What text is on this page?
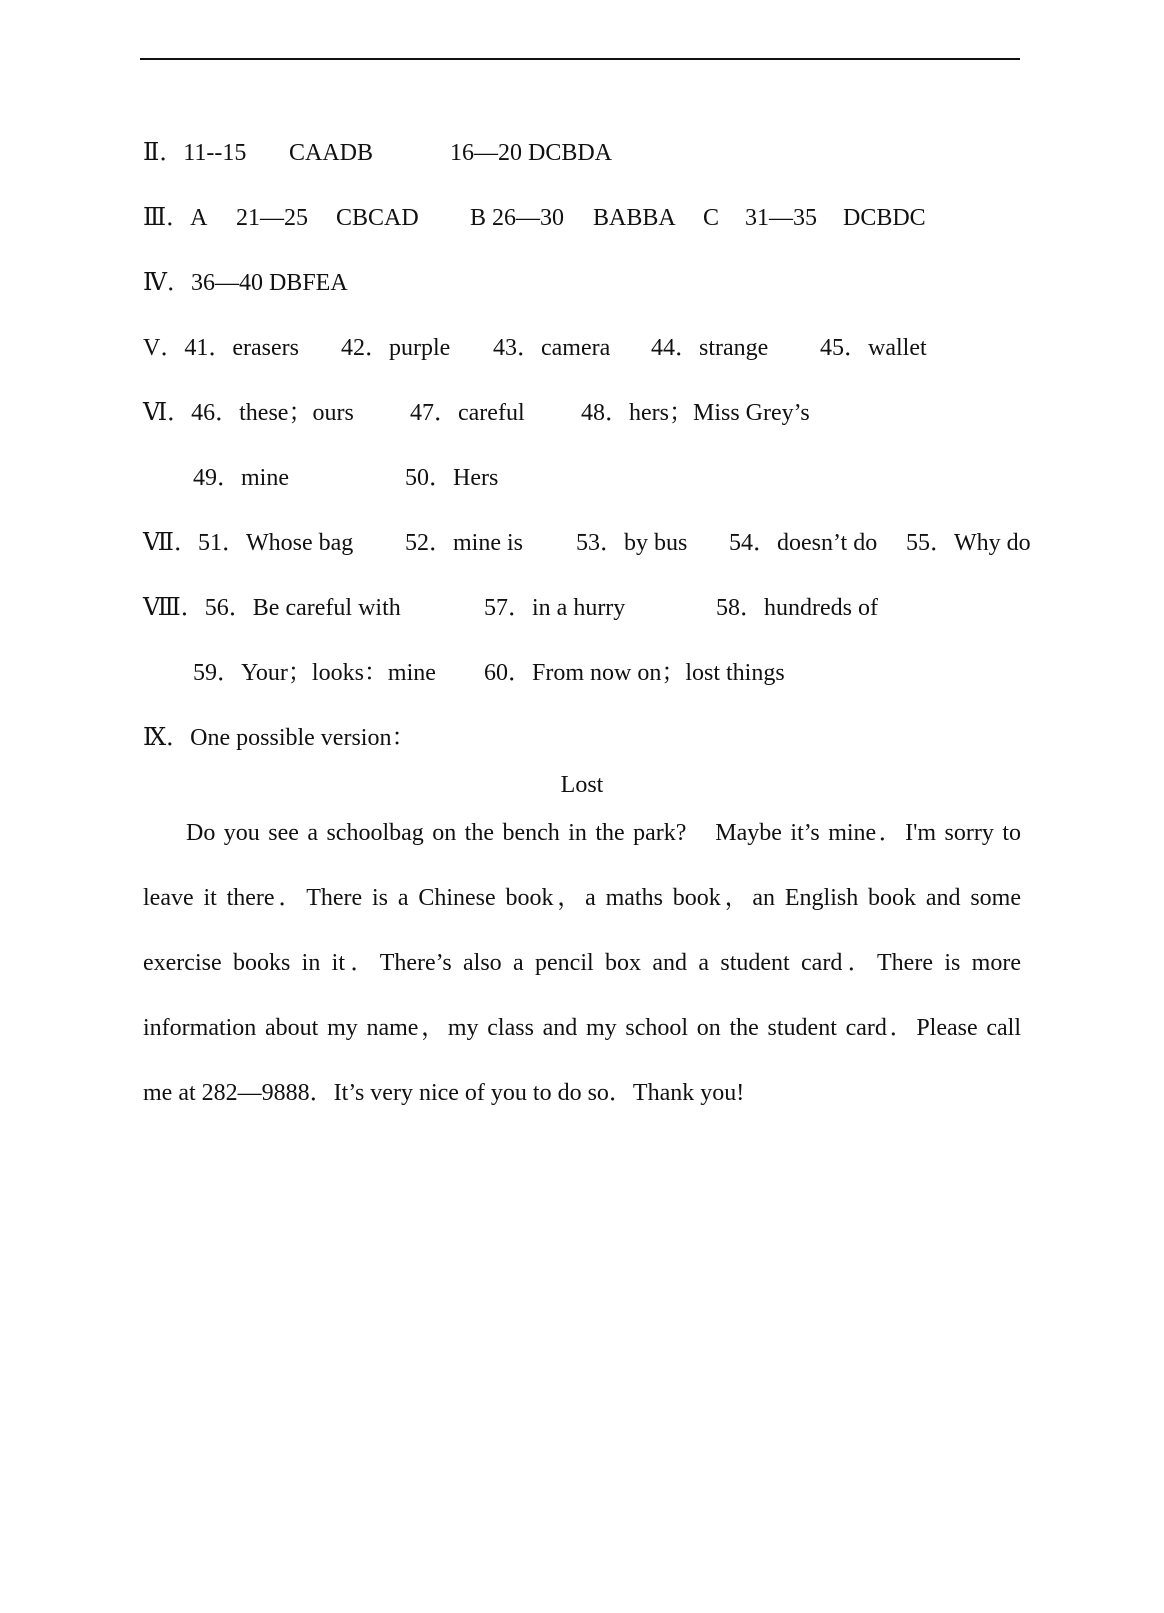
Ⅱ．11--15 CAADB	16—20 DCBDA
Ⅲ．A 21—25 CBCAD B 26—30 BABBA C 31—35 DCBDC
Ⅳ．36—40 DBFEA
V．41．erasers 42．purple 43．camera 44．strange 45．wallet
Ⅵ．46．these；ours 47．careful 48．hers；Miss Grey’s
49．mine	50．Hers
Ⅶ．51．Whose bag 52．mine is 53．by bus 54．doesn’t do 55．Why do
Ⅷ．56．Be careful with	57．in a hurry	58．hundreds of
59．Your；looks：mine 60．From now on；lost things
Ⅸ．One possible version：
Lost
Do you see a schoolbag on the bench in the park?　Maybe it’s mine．I'm sorry to
leave it there．There is a Chinese book，a maths book，an English book and some
exercise books in it．There’s also a pencil box and a student card．There is more
information about my name，my class and my school on the student card．Please call
me at 282—9888．It’s very nice of you to do so．Thank you!
